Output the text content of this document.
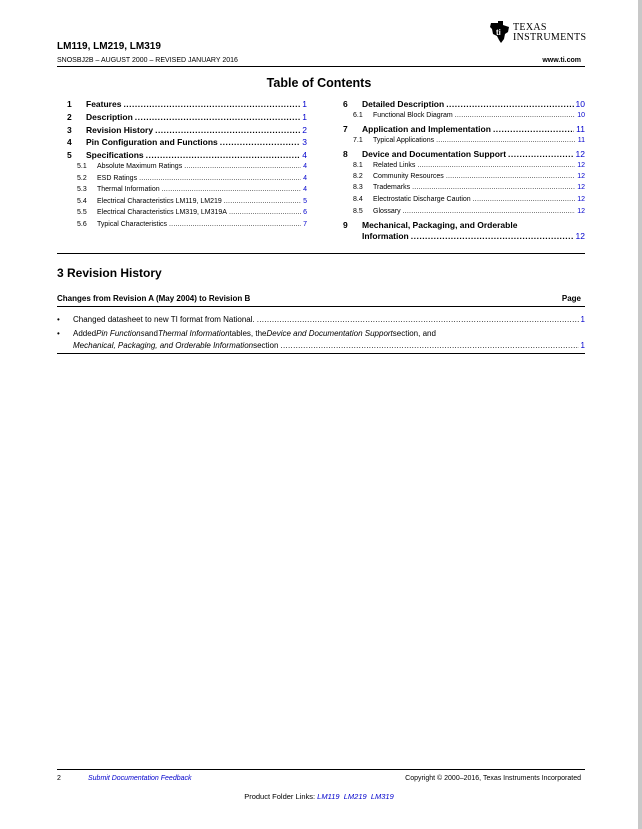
LM119, LM219, LM319
ti TEXAS
INSTRUMENTS
SNOSBJ2B – AUGUST 2000 – REVISED JANUARY 2016	www.ti.com
Table of Contents
1	Features .....	1
2	Description .....	1
3	Revision History .....	2
4	Pin Configuration and Functions .....	3
5	Specifications .....	4
5.1	Absolute Maximum Ratings .....	4
5.2	ESD Ratings .....	4
5.3	Thermal Information .....	4
5.4	Electrical Characteristics LM119, LM219 .....	5
5.5	Electrical Characteristics LM319, LM319A .....	6
5.6	Typical Characteristics .....	7
6	Detailed Description .....	10
6.1	Functional Block Diagram .....	10
7	Application and Implementation .....	11
7.1	Typical Applications .....	11
8	Device and Documentation Support .....	12
8.1	Related Links .....	12
8.2	Community Resources .....	12
8.3	Trademarks .....	12
8.4	Electrostatic Discharge Caution .....	12
8.5	Glossary .....	12
9	Mechanical, Packaging, and Orderable
Information .....	12
3 Revision History
Changes from Revision A (May 2004) to Revision B	Page
• Changed datasheet to new TI format from National. .....	1
• Added Pin Functions and Thermal Information tables, the Device and Documentation Support section, and
Mechanical, Packaging, and Orderable Information section .....	1
2	Submit Documentation Feedback	Copyright © 2000–2016, Texas Instruments Incorporated
Product Folder Links: LM119 LM219 LM319
